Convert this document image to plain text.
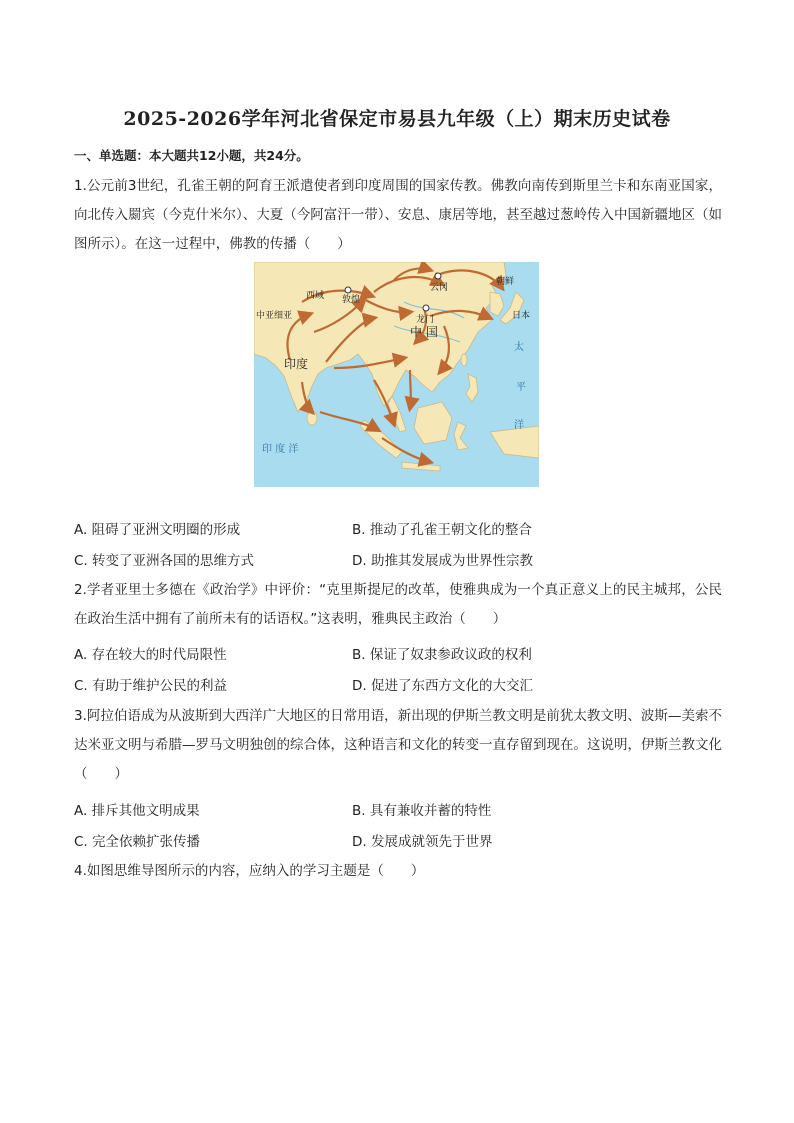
2025-2026学年河北省保定市易县九年级（上）期末历史试卷
一、单选题：本大题共12小题，共24分。
1.公元前3世纪，孔雀王朝的阿育王派遣使者到印度周围的国家传教。佛教向南传到斯里兰卡和东南亚国家，向北传入罽宾（今克什米尔）、大夏（今阿富汗一带）、安息、康居等地，甚至越过葱岭传入中国新疆地区（如图所示）。在这一过程中，佛教的传播（　　）
中亚细亚
西域 敦煌
云冈
朝鲜
龙门
中 国
日本
印度
太
平
洋
印 度 洋
A. 阻碍了亚洲文明圈的形成	B. 推动了孔雀王朝文化的整合
C. 转变了亚洲各国的思维方式	D. 助推其发展成为世界性宗教
2.学者亚里士多德在《政治学》中评价：“克里斯提尼的改革，使雅典成为一个真正意义上的民主城邦，公民在政治生活中拥有了前所未有的话语权。”这表明，雅典民主政治（　　）
A. 存在较大的时代局限性	B. 保证了奴隶参政议政的权利
C. 有助于维护公民的利益	D. 促进了东西方文化的大交汇
3.阿拉伯语成为从波斯到大西洋广大地区的日常用语，新出现的伊斯兰教文明是前犹太教文明、波斯—美索不达米亚文明与希腊—罗马文明独创的综合体，这种语言和文化的转变一直存留到现在。这说明，伊斯兰教文化（　　）
A. 排斥其他文明成果	B. 具有兼收并蓄的特性
C. 完全依赖扩张传播	D. 发展成就领先于世界
4.如图思维导图所示的内容，应纳入的学习主题是（　　）
